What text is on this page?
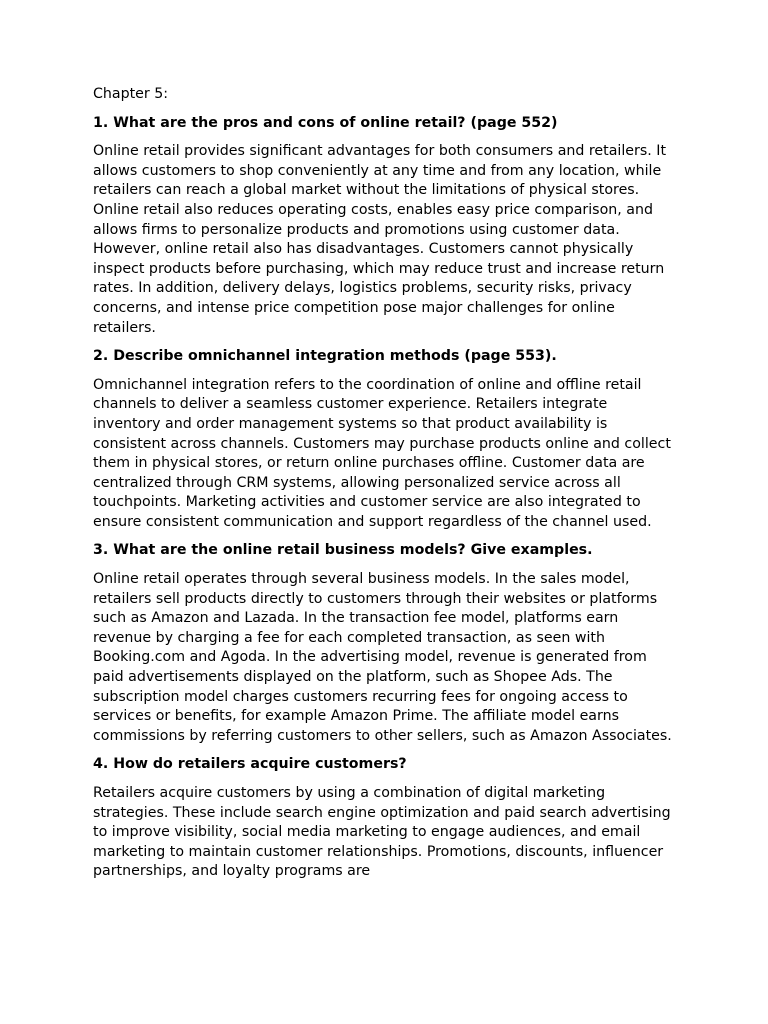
Chapter 5:

1. What are the pros and cons of online retail? (page 552)

Online retail provides significant advantages for both consumers and retailers. It allows customers to shop conveniently at any time and from any location, while retailers can reach a global market without the limitations of physical stores. Online retail also reduces operating costs, enables easy price comparison, and allows firms to personalize products and promotions using customer data. However, online retail also has disadvantages. Customers cannot physically inspect products before purchasing, which may reduce trust and increase return rates. In addition, delivery delays, logistics problems, security risks, privacy concerns, and intense price competition pose major challenges for online retailers.

2. Describe omnichannel integration methods (page 553).

Omnichannel integration refers to the coordination of online and offline retail channels to deliver a seamless customer experience. Retailers integrate inventory and order management systems so that product availability is consistent across channels. Customers may purchase products online and collect them in physical stores, or return online purchases offline. Customer data are centralized through CRM systems, allowing personalized service across all touchpoints. Marketing activities and customer service are also integrated to ensure consistent communication and support regardless of the channel used.

3. What are the online retail business models? Give examples.

Online retail operates through several business models. In the sales model, retailers sell products directly to customers through their websites or platforms such as Amazon and Lazada. In the transaction fee model, platforms earn revenue by charging a fee for each completed transaction, as seen with Booking.com and Agoda. In the advertising model, revenue is generated from paid advertisements displayed on the platform, such as Shopee Ads. The subscription model charges customers recurring fees for ongoing access to services or benefits, for example Amazon Prime. The affiliate model earns commissions by referring customers to other sellers, such as Amazon Associates.

4. How do retailers acquire customers?

Retailers acquire customers by using a combination of digital marketing strategies. These include search engine optimization and paid search advertising to improve visibility, social media marketing to engage audiences, and email marketing to maintain customer relationships. Promotions, discounts, influencer partnerships, and loyalty programs are
